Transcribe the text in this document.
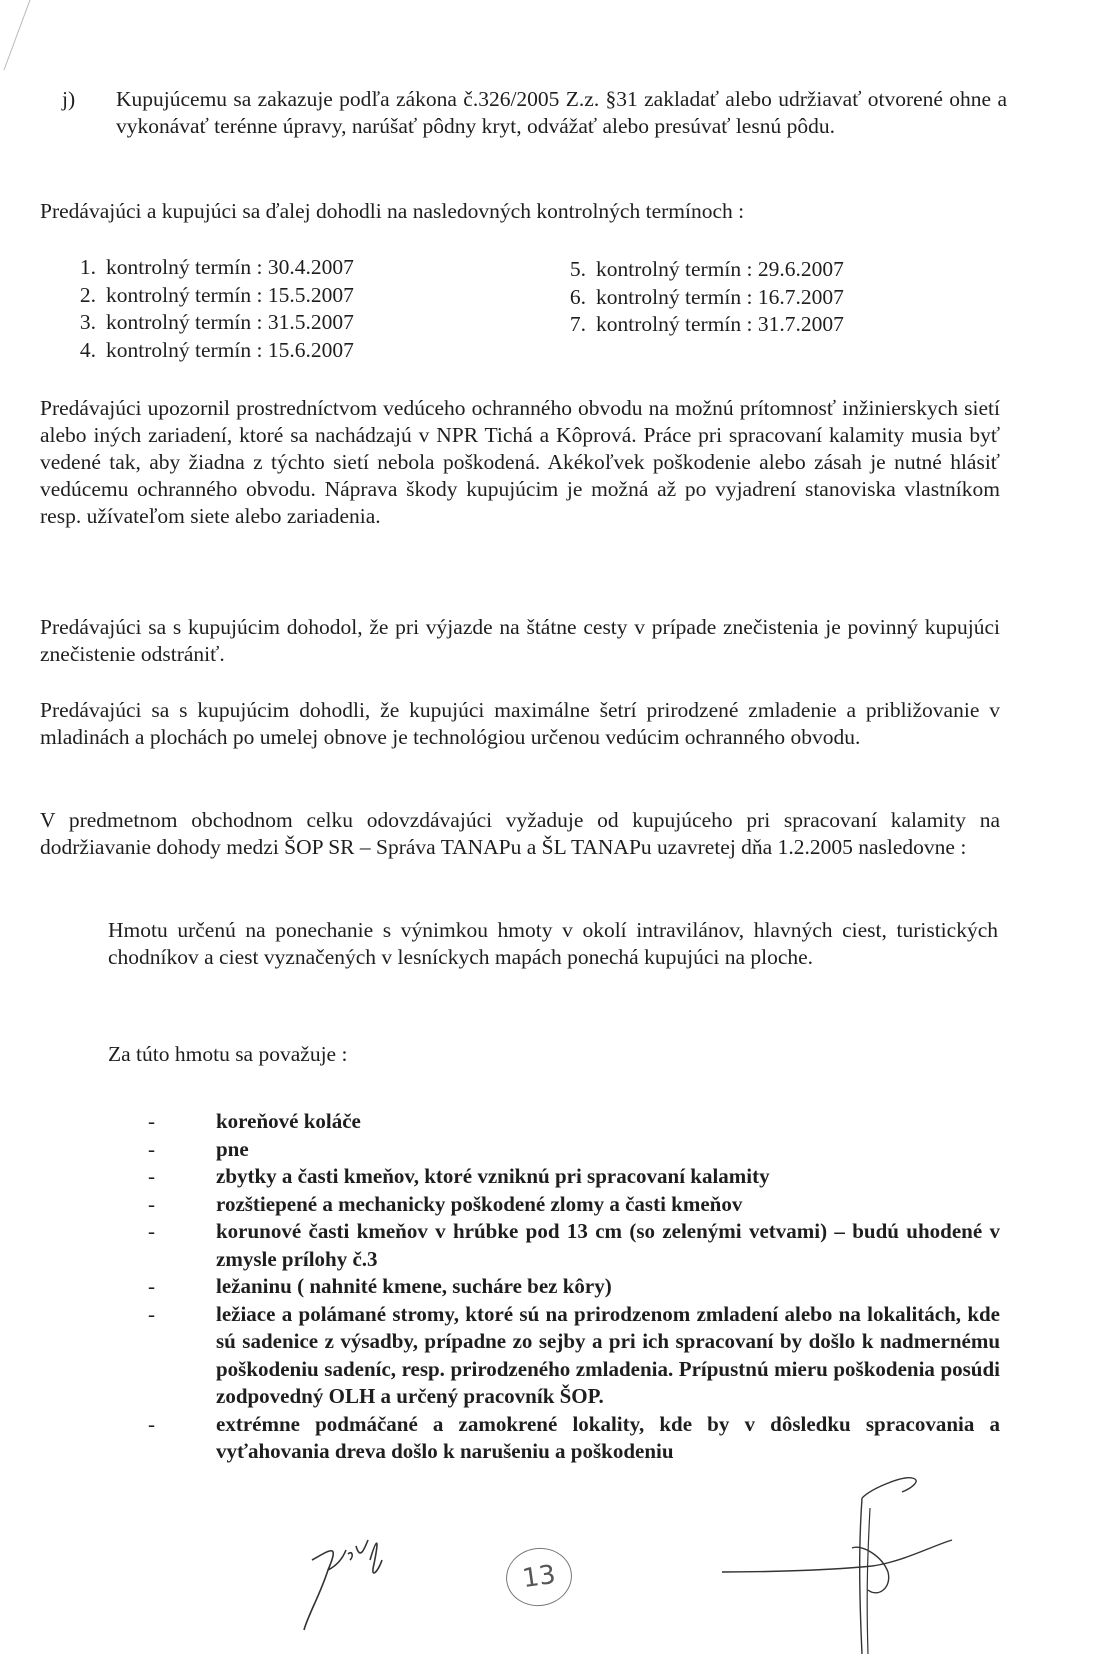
j) Kupujúcemu sa zakazuje podľa zákona č.326/2005 Z.z. §31 zakladať alebo udržiavať otvorené ohne a vykonávať terénne úpravy, narúšať pôdny kryt, odvážať alebo presúvať lesnú pôdu.
Predávajúci a kupujúci sa ďalej dohodli na nasledovných kontrolných termínoch :
1. kontrolný termín : 30.4.2007
2. kontrolný termín : 15.5.2007
3. kontrolný termín : 31.5.2007
4. kontrolný termín : 15.6.2007
5. kontrolný termín : 29.6.2007
6. kontrolný termín : 16.7.2007
7. kontrolný termín : 31.7.2007
Predávajúci upozornil prostredníctvom vedúceho ochranného obvodu na možnú prítomnosť inžinierskych sietí alebo iných zariadení, ktoré sa nachádzajú v NPR Tichá a Kôprová. Práce pri spracovaní kalamity musia byť vedené tak, aby žiadna z týchto sietí nebola poškodená. Akékoľvek poškodenie alebo zásah je nutné hlásiť vedúcemu ochranného obvodu. Náprava škody kupujúcim je možná až po vyjadrení stanoviska vlastníkom resp. užívateľom siete alebo zariadenia.
Predávajúci sa s kupujúcim dohodol, že pri výjazde na štátne cesty v prípade znečistenia je povinný kupujúci znečistenie odstrániť.
Predávajúci sa s kupujúcim dohodli, že kupujúci maximálne šetrí prirodzené zmladenie a približovanie v mladinách a plochách po umelej obnove je technológiou určenou vedúcim ochranného obvodu.
V predmetnom obchodnom celku odovzdávajúci vyžaduje od kupujúceho pri spracovaní kalamity na dodržiavanie dohody medzi ŠOP SR – Správa TANAPu a ŠL TANAPu uzavretej dňa 1.2.2005 nasledovne :
Hmotu určenú na ponechanie s výnimkou hmoty v okolí intravilánov, hlavných ciest, turistických chodníkov a ciest vyznačených v lesníckych mapách ponechá kupujúci na ploche.
Za túto hmotu sa považuje :
-	koreňové koláče
-	pne
-	zbytky a časti kmeňov, ktoré vzniknú pri spracovaní kalamity
-	rozštiepené a mechanicky poškodené zlomy a časti kmeňov
-	korunové časti kmeňov v hrúbke pod 13 cm (so zelenými vetvami) – budú uhodené v zmysle prílohy č.3
-	ležaninu ( nahnité kmene, sucháre bez kôry)
-	ležiace a polámané stromy, ktoré sú na prirodzenom zmladení alebo na lokalitách, kde sú sadenice z výsadby, prípadne zo sejby a pri ich spracovaní by došlo k nadmernému poškodeniu sadeníc, resp. prirodzeného zmladenia. Prípustnú mieru poškodenia posúdi zodpovedný OLH a určený pracovník ŠOP.
-	extrémne podmáčané a zamokrené lokality, kde by v dôsledku spracovania a vyťahovania dreva došlo k narušeniu a poškodeniu
13
